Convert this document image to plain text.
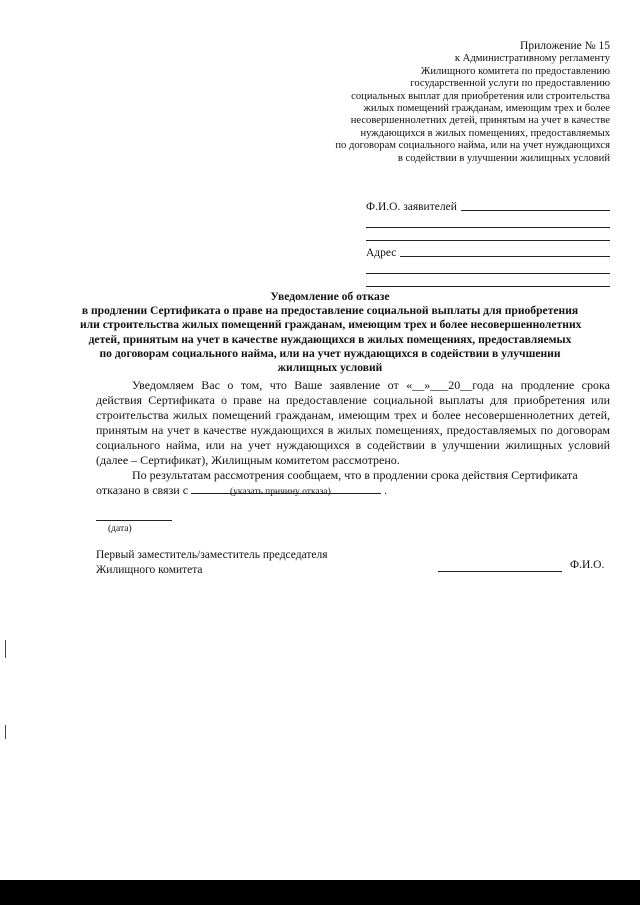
Приложение № 15
к Административному регламенту
Жилищного комитета по предоставлению
государственной услуги по предоставлению
социальных выплат для приобретения или строительства
жилых помещений гражданам, имеющим трех и более
несовершеннолетних детей, принятым на учет в качестве
нуждающихся в жилых помещениях, предоставляемых
по договорам социального найма, или на учет нуждающихся
в содействии в улучшении жилищных условий
Ф.И.О. заявителей
Адрес
Уведомление об отказе
в продлении Сертификата о праве на предоставление социальной выплаты для приобретения
или строительства жилых помещений гражданам, имеющим трех и более несовершеннолетних
детей, принятым на учет в качестве нуждающихся в жилых помещениях, предоставляемых
по договорам социального найма, или на учет нуждающихся в содействии в улучшении
жилищных условий

Уведомляем Вас о том, что Ваше заявление от «__»___20__года на продление срока действия Сертификата о праве на предоставление социальной выплаты для приобретения или строительства жилых помещений гражданам, имеющим трех и более несовершеннолетних детей, принятым на учет в качестве нуждающихся в жилых помещениях, предоставляемых по договорам социального найма, или на учет нуждающихся в содействии в улучшении жилищных условий (далее – Сертификат), Жилищным комитетом рассмотрено.

По результатам рассмотрения сообщаем, что в продлении срока действия Сертификата

отказано в связи с	.
(указать причину отказа)
(дата)
Первый заместитель/заместитель председателя
Жилищного комитета	Ф.И.О.
